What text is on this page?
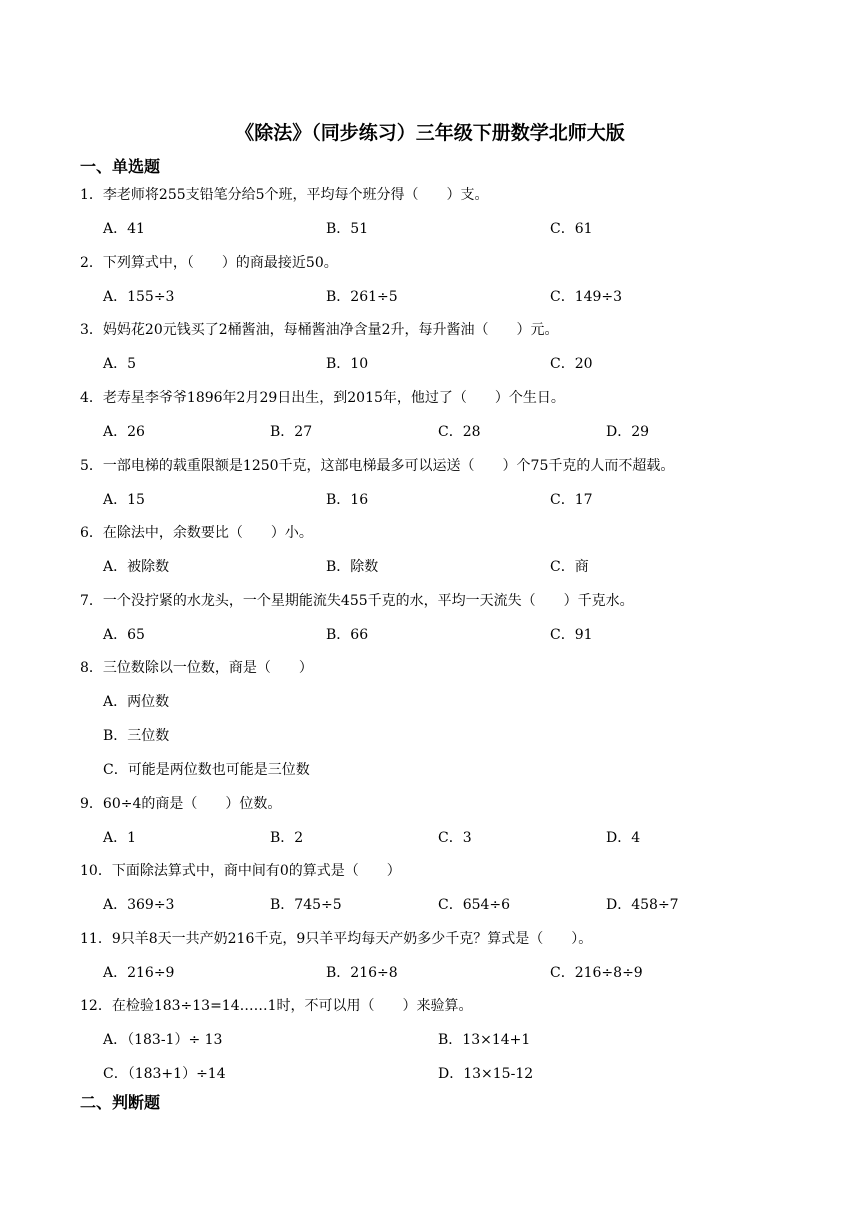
《除法》（同步练习）三年级下册数学北师大版
一、单选题
1．李老师将255支铅笔分给5个班，平均每个班分得（　　）支。
A．41	B．51	C．61
2．下列算式中，（　　）的商最接近50。
A．155÷3	B．261÷5	C．149÷3
3．妈妈花20元钱买了2桶酱油，每桶酱油净含量2升，每升酱油（　　）元。
A．5	B．10	C．20
4．老寿星李爷爷1896年2月29日出生，到2015年，他过了（　　）个生日。
A．26	B．27	C．28	D．29
5．一部电梯的载重限额是1250千克，这部电梯最多可以运送（　　）个75千克的人而不超载。
A．15	B．16	C．17
6．在除法中，余数要比（　　）小。
A．被除数	B．除数	C．商
7．一个没拧紧的水龙头，一个星期能流失455千克的水，平均一天流失（　　）千克水。
A．65	B．66	C．91
8．三位数除以一位数，商是（　　）
A．两位数
B．三位数
C．可能是两位数也可能是三位数
9．60÷4的商是（　　）位数。
A．1	B．2	C．3	D．4
10．下面除法算式中，商中间有0的算式是（　　）
A．369÷3	B．745÷5	C．654÷6	D．458÷7
11．9只羊8天一共产奶216千克，9只羊平均每天产奶多少千克？算式是（　　）。
A．216÷9	B．216÷8	C．216÷8÷9
12．在检验183÷13=14……1时，不可以用（　　）来验算。
A．（183-1）÷ 13	B．13×14+1
C．（183+1）÷14	D．13×15-12
二、判断题
